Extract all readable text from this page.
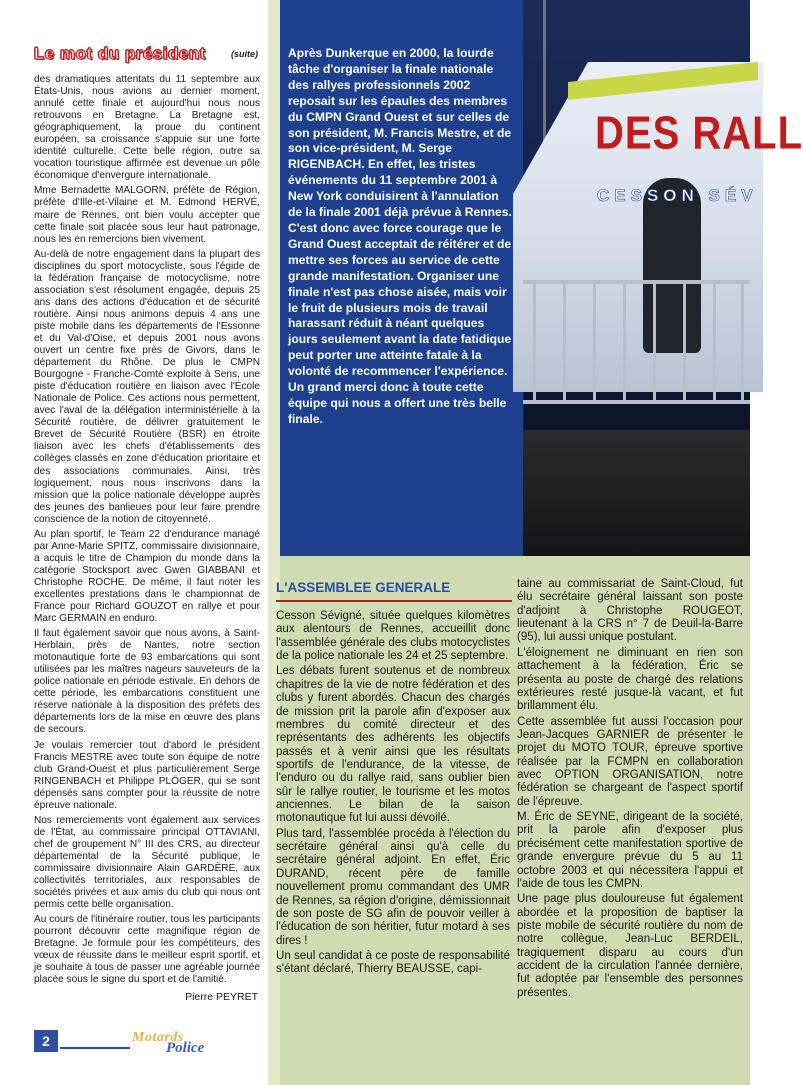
Le mot du président	(suite)

des dramatiques attentats du 11 septembre aux États-Unis, nous avions au dernier moment, annulé cette finale et aujourd'hui nous nous retrouvons en Bretagne. La Bretagne est, géographiquement, la proue du continent européen, sa croissance s'appuie sur une forte identité culturelle. Cette belle région, outre sa vocation touristique affirmée est devenue un pôle économique d'envergure internationale.

Mme Bernadette MALGORN, préfète de Région, préfète d'Ille-et-Vilaine et M. Edmond HERVÉ, maire de Rennes, ont bien voulu accepter que cette finale soit placée sous leur haut patronage, nous les en remercions bien vivement.

Au-delà de notre engagement dans la plupart des disciplines du sport motocycliste, sous l'égide de la fédération française de motocyclisme, notre association s'est résolument engagée, depuis 25 ans dans des actions d'éducation et de sécurité routière. Ainsi nous animons depuis 4 ans une piste mobile dans les départements de l'Essonne et du Val-d'Oise, et depuis 2001 nous avons ouvert un centre fixe près de Givors, dans le département du Rhône. De plus le CMPN Bourgogne - Franche-Comté exploite à Sens, une piste d'éducation routière en liaison avec l'École Nationale de Police. Ces actions nous permettent, avec l'aval de la délégation interministérielle à la Sécurité routière, de délivrer gratuitement le Brevet de Sécurité Routière (BSR) en étroite liaison avec les chefs d'établissements des collèges classés en zone d'éducation prioritaire et des associations communales. Ainsi, très logiquement, nous nous inscrivons dans la mission que la police nationale développe auprès des jeunes des banlieues pour leur faire prendre conscience de la notion de citoyenneté.

Au plan sportif, le Team 22 d'endurance managé par Anne-Marie SPITZ, commissaire divisionnaire, a acquis le titre de Champion du monde dans la catégorie Stocksport avec Gwen GIABBANI et Christophe ROCHE. De même, il faut noter les excellentes prestations dans le championnat de France pour Richard GOUZOT en rallye et pour Marc GERMAIN en enduro.

Il faut également savoir que nous avons, à Saint-Herblain, près de Nantes, notre section motonautique forte de 93 embarcations qui sont utilisées par les maîtres nageurs sauveteurs de la police nationale en période estivale. En dehors de cette période, les embarcations constituent une réserve nationale à la disposition des préfets des départements lors de la mise en œuvre des plans de secours.

Je voulais remercier tout d'abord le président Francis MESTRE avec toute son équipe de notre club Grand-Ouest et plus particulièrement Serge RINGENBACH et Philippe PLÖGER, qui se sont dépensés sans compter pour la réussite de notre épreuve nationale.

Nos remerciements vont également aux services de l'État, au commissaire principal OTTAVIANI, chef de groupement N° III des CRS, au directeur départemental de la Sécurité publique, le commissaire divisionnaire Alain GARDÈRE, aux collectivités territoriales, aux responsables de sociétés privées et aux amis du club qui nous ont permis cette belle organisation.

Au cours de l'itinéraire routier, tous les participants pourront découvrir cette magnifique région de Bretagne. Je formule pour les compétiteurs, des vœux de réussite dans le meilleur esprit sportif, et je souhaite à tous de passer une agréable journée placée sous le signe du sport et de l'amitié.

Pierre PEYRET
2	Motards
Police
Après Dunkerque en 2000, la lourde tâche d'organiser la finale nationale des rallyes professionnels 2002 reposait sur les épaules des membres du CMPN Grand Ouest et sur celles de son président, M. Francis Mestre, et de son vice-président, M. Serge RIGENBACH. En effet, les tristes événements du 11 septembre 2001 à New York conduisirent à l'annulation de la finale 2001 déjà prévue à Rennes. C'est donc avec force courage que le Grand Ouest acceptait de réitérer et de mettre ses forces au service de cette grande manifestation. Organiser une finale n'est pas chose aisée, mais voir le fruit de plusieurs mois de travail harassant réduit à néant quelques jours seulement avant la date fatidique peut porter une atteinte fatale à la volonté de recommencer l'expérience. Un grand merci donc à toute cette équipe qui nous a offert une très belle finale.
DES RALL
CESSON SÉV
L'ASSEMBLEE GENERALE

Cesson Sévigné, située quelques kilomètres aux alentours de Rennes, accueillit donc l'assemblée générale des clubs motocyclistes de la police nationale les 24 et 25 septembre.

Les débats furent soutenus et de nombreux chapitres de la vie de notre fédération et des clubs y furent abordés. Chacun des chargés de mission prit la parole afin d'exposer aux membres du comité directeur et des représentants des adhérents les objectifs passés et à venir ainsi que les résultats sportifs de l'endurance, de la vitesse, de l'enduro ou du rallye raid, sans oublier bien sûr le rallye routier, le tourisme et les motos anciennes. Le bilan de la saison motonautique fut lui aussi dévoilé.

Plus tard, l'assemblée procéda à l'élection du secrétaire général ainsi qu'à celle du secrétaire général adjoint. En effet, Éric DURAND, récent père de famille nouvellement promu commandant des UMR de Rennes, sa région d'origine, démissionnait de son poste de SG afin de pouvoir veiller à l'éducation de son héritier, futur motard à ses dires !

Un seul candidat à ce poste de responsabilité s'étant déclaré, Thierry BEAUSSE, capi-

taine au commissariat de Saint-Cloud, fut élu secrétaire général laissant son poste d'adjoint à Christophe ROUGEOT, lieutenant à la CRS n° 7 de Deuil-la-Barre (95), lui aussi unique postulant.

L'éloignement ne diminuant en rien son attachement à la fédération, Éric se présenta au poste de chargé des relations extérieures resté jusque-là vacant, et fut brillamment élu.

Cette assemblée fut aussi l'occasion pour Jean-Jacques GARNIER de présenter le projet du MOTO TOUR, épreuve sportive réalisée par la FCMPN en collaboration avec OPTION ORGANISATION, notre fédération se chargeant de l'aspect sportif de l'épreuve.

M. Éric de SEYNE, dirigeant de la société, prit la parole afin d'exposer plus précisément cette manifestation sportive de grande envergure prévue du 5 au 11 octobre 2003 et qui nécessitera l'appui et l'aide de tous les CMPN.

Une page plus douloureuse fut également abordée et la proposition de baptiser la piste mobile de sécurité routière du nom de notre collègue, Jean-Luc BERDEIL, tragiquement disparu au cours d'un accident de la circulation l'année dernière, fut adoptée par l'ensemble des personnes présentes.
